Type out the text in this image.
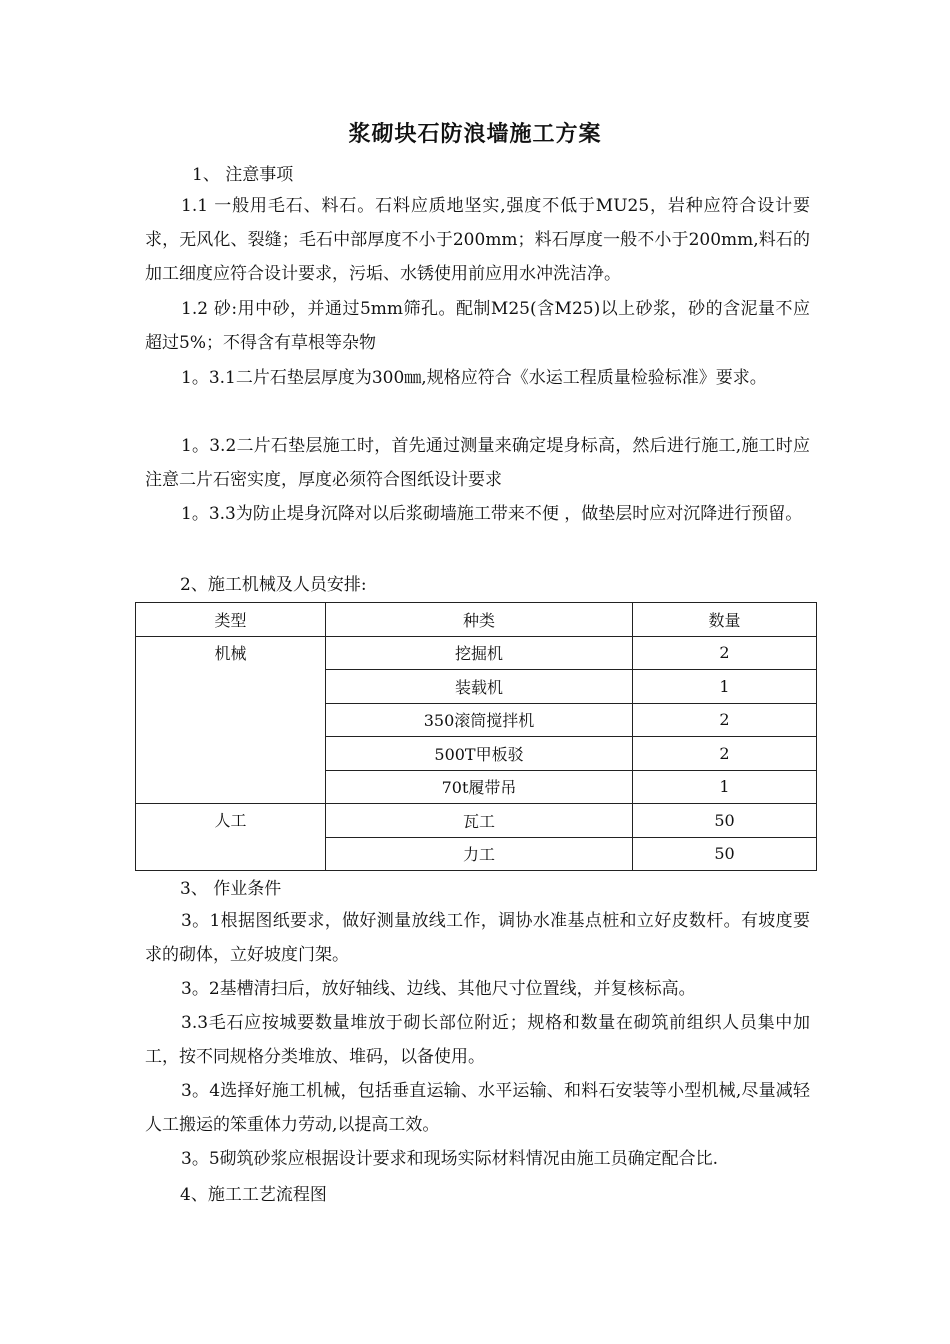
浆砌块石防浪墙施工方案
1、 注意事项
1.1 一般用毛石、料石。石料应质地坚实,强度不低于MU25，岩种应符合设计要求，无风化、裂缝；毛石中部厚度不小于200mm；料石厚度一般不小于200mm,料石的加工细度应符合设计要求，污垢、水锈使用前应用水冲洗洁净。
1.2 砂:用中砂，并通过5mm筛孔。配制M25(含M25)以上砂浆，砂的含泥量不应超过5%；不得含有草根等杂物
1。3.1二片石垫层厚度为300㎜,规格应符合《水运工程质量检验标准》要求。
1。3.2二片石垫层施工时，首先通过测量来确定堤身标高，然后进行施工,施工时应注意二片石密实度，厚度必须符合图纸设计要求
1。3.3为防止堤身沉降对以后浆砌墙施工带来不便 ，做垫层时应对沉降进行预留。
2、施工机械及人员安排:
类型	种类	数量
机械	挖掘机	2
	装载机	1
	350滚筒搅拌机	2
	500T甲板驳	2
	70t履带吊	1
人工	瓦工	50
	力工	50
3、 作业条件
3。1根据图纸要求，做好测量放线工作，调协水准基点桩和立好皮数杆。有坡度要求的砌体，立好坡度门架。
3。2基槽清扫后，放好轴线、边线、其他尺寸位置线，并复核标高。
3.3毛石应按城要数量堆放于砌长部位附近；规格和数量在砌筑前组织人员集中加工，按不同规格分类堆放、堆码，以备使用。
3。4选择好施工机械，包括垂直运输、水平运输、和料石安装等小型机械,尽量减轻人工搬运的笨重体力劳动,以提高工效。
3。5砌筑砂浆应根据设计要求和现场实际材料情况由施工员确定配合比.
4、施工工艺流程图
